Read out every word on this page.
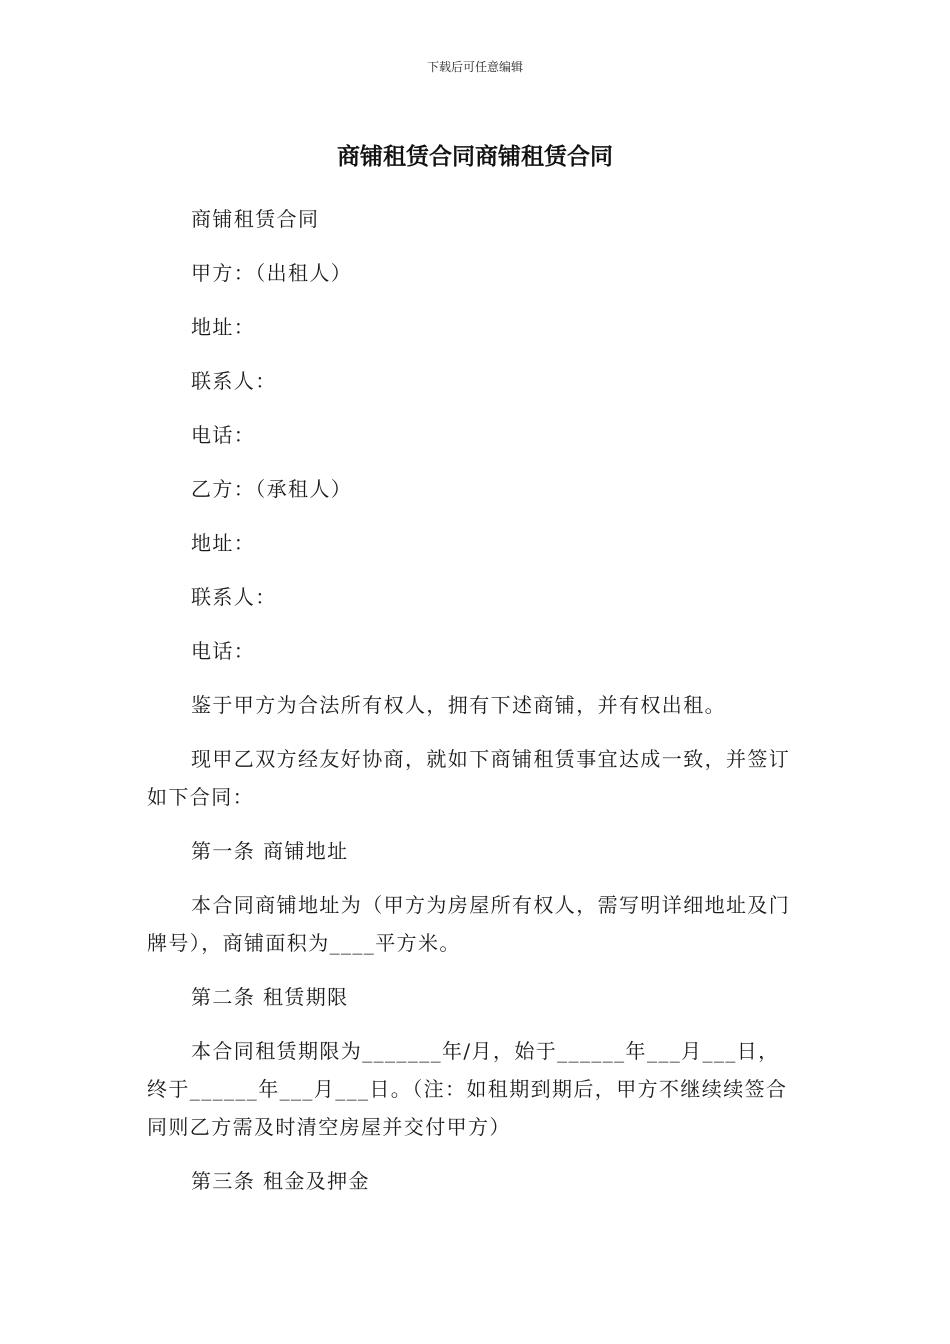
下载后可任意编辑
商铺租赁合同商铺租赁合同

商铺租赁合同

甲方：（出租人）

地址：

联系人：

电话：

乙方：（承租人）

地址：

联系人：

电话：

鉴于甲方为合法所有权人，拥有下述商铺，并有权出租。

现甲乙双方经友好协商，就如下商铺租赁事宜达成一致，并签订如下合同：

第一条 商铺地址

本合同商铺地址为（甲方为房屋所有权人，需写明详细地址及门牌号），商铺面积为____平方米。

第二条 租赁期限

本合同租赁期限为_______年/月，始于______年___月___日，终于______年___月___日。（注：如租期到期后，甲方不继续续签合同则乙方需及时清空房屋并交付甲方）

第三条 租金及押金
